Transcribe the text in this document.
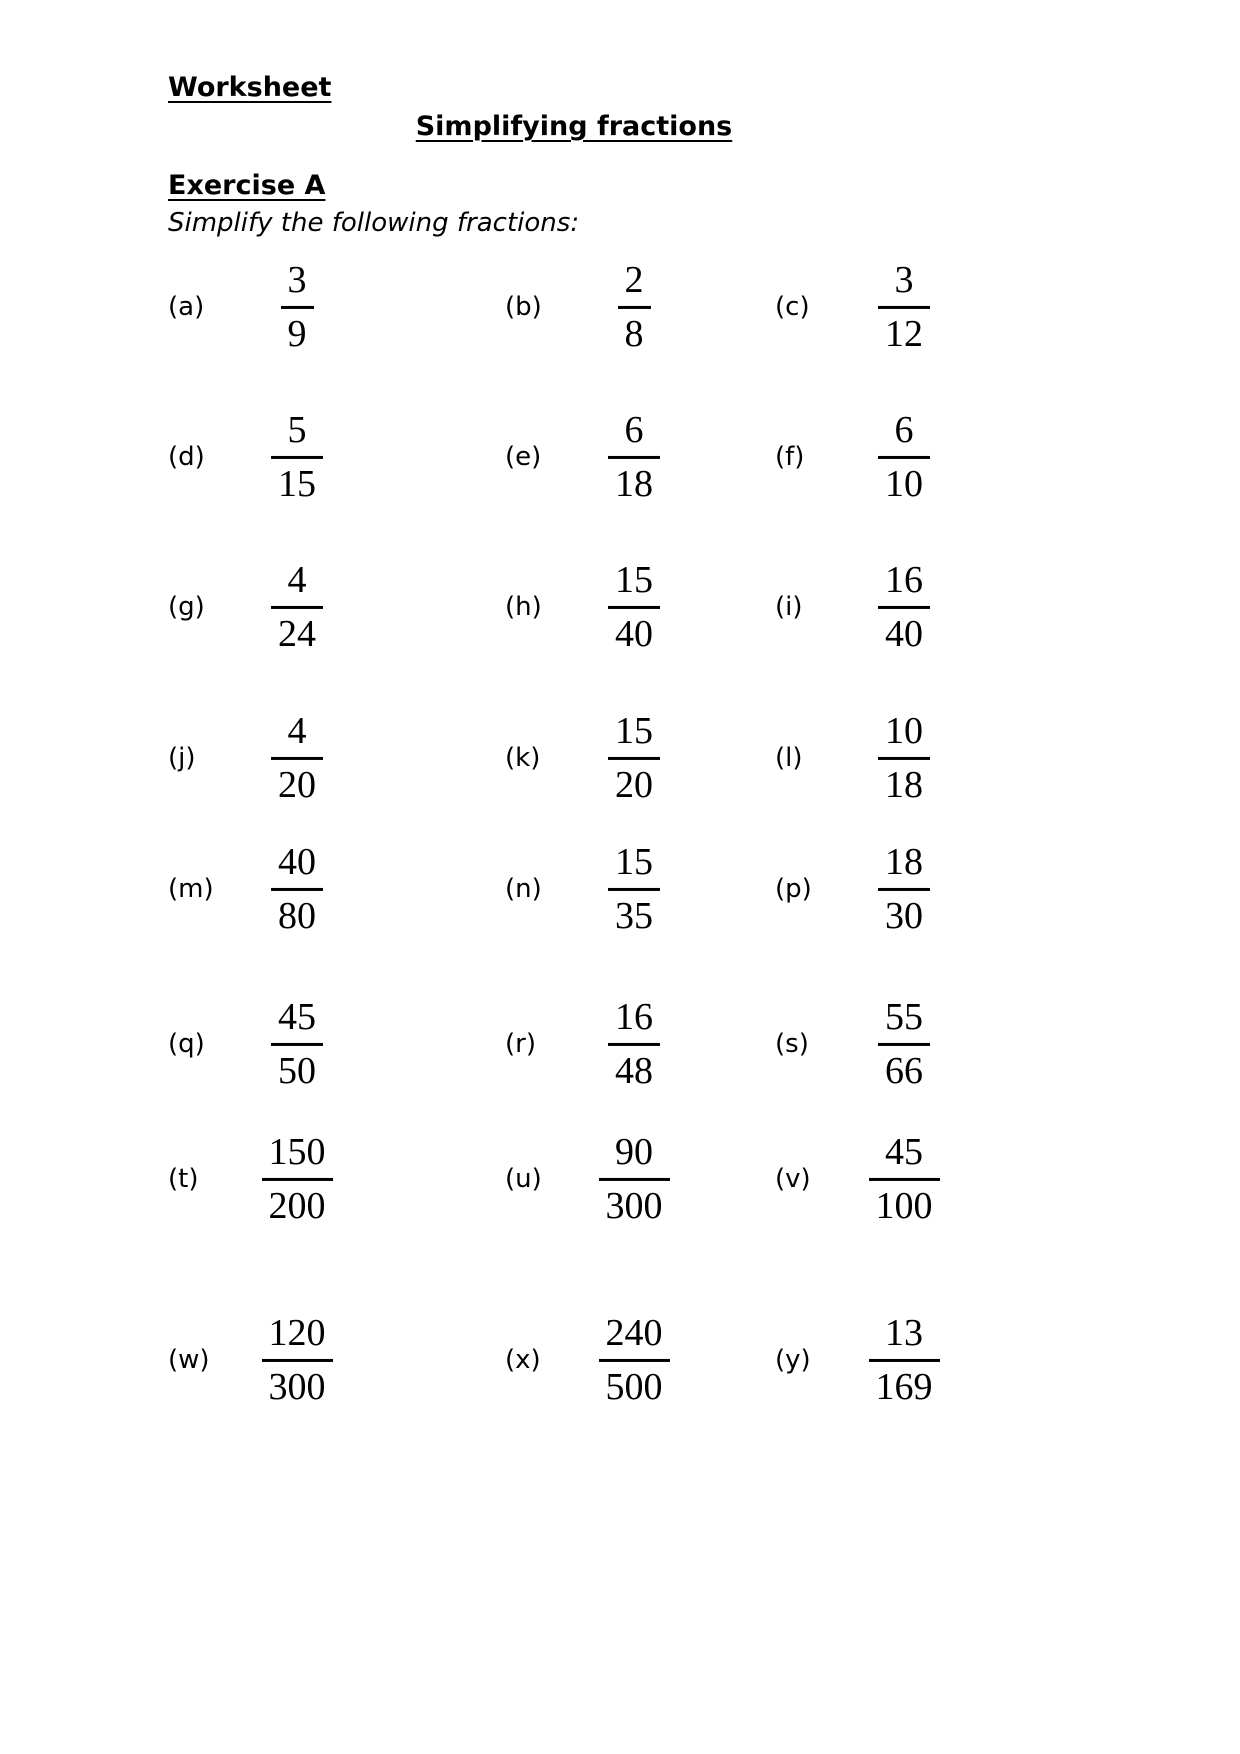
Worksheet
Simplifying fractions
Exercise A
Simplify the following fractions:
(a)	$\frac{3}{9}$	(b)	$\frac{2}{8}$	(c)	$\frac{3}{12}$
(d)	$\frac{5}{15}$	(e)	$\frac{6}{18}$	(f)	$\frac{6}{10}$
(g)	$\frac{4}{24}$	(h)	$\frac{15}{40}$	(i)	$\frac{16}{40}$
(j)	$\frac{4}{20}$	(k)	$\frac{15}{20}$	(l)	$\frac{10}{18}$
(m)	$\frac{40}{80}$	(n)	$\frac{15}{35}$	(p)	$\frac{18}{30}$
(q)	$\frac{45}{50}$	(r)	$\frac{16}{48}$	(s)	$\frac{55}{66}$
(t)	$\frac{150}{200}$	(u)	$\frac{90}{300}$	(v)	$\frac{45}{100}$
(w)	$\frac{120}{300}$	(x)	$\frac{240}{500}$	(y)	$\frac{13}{169}$
